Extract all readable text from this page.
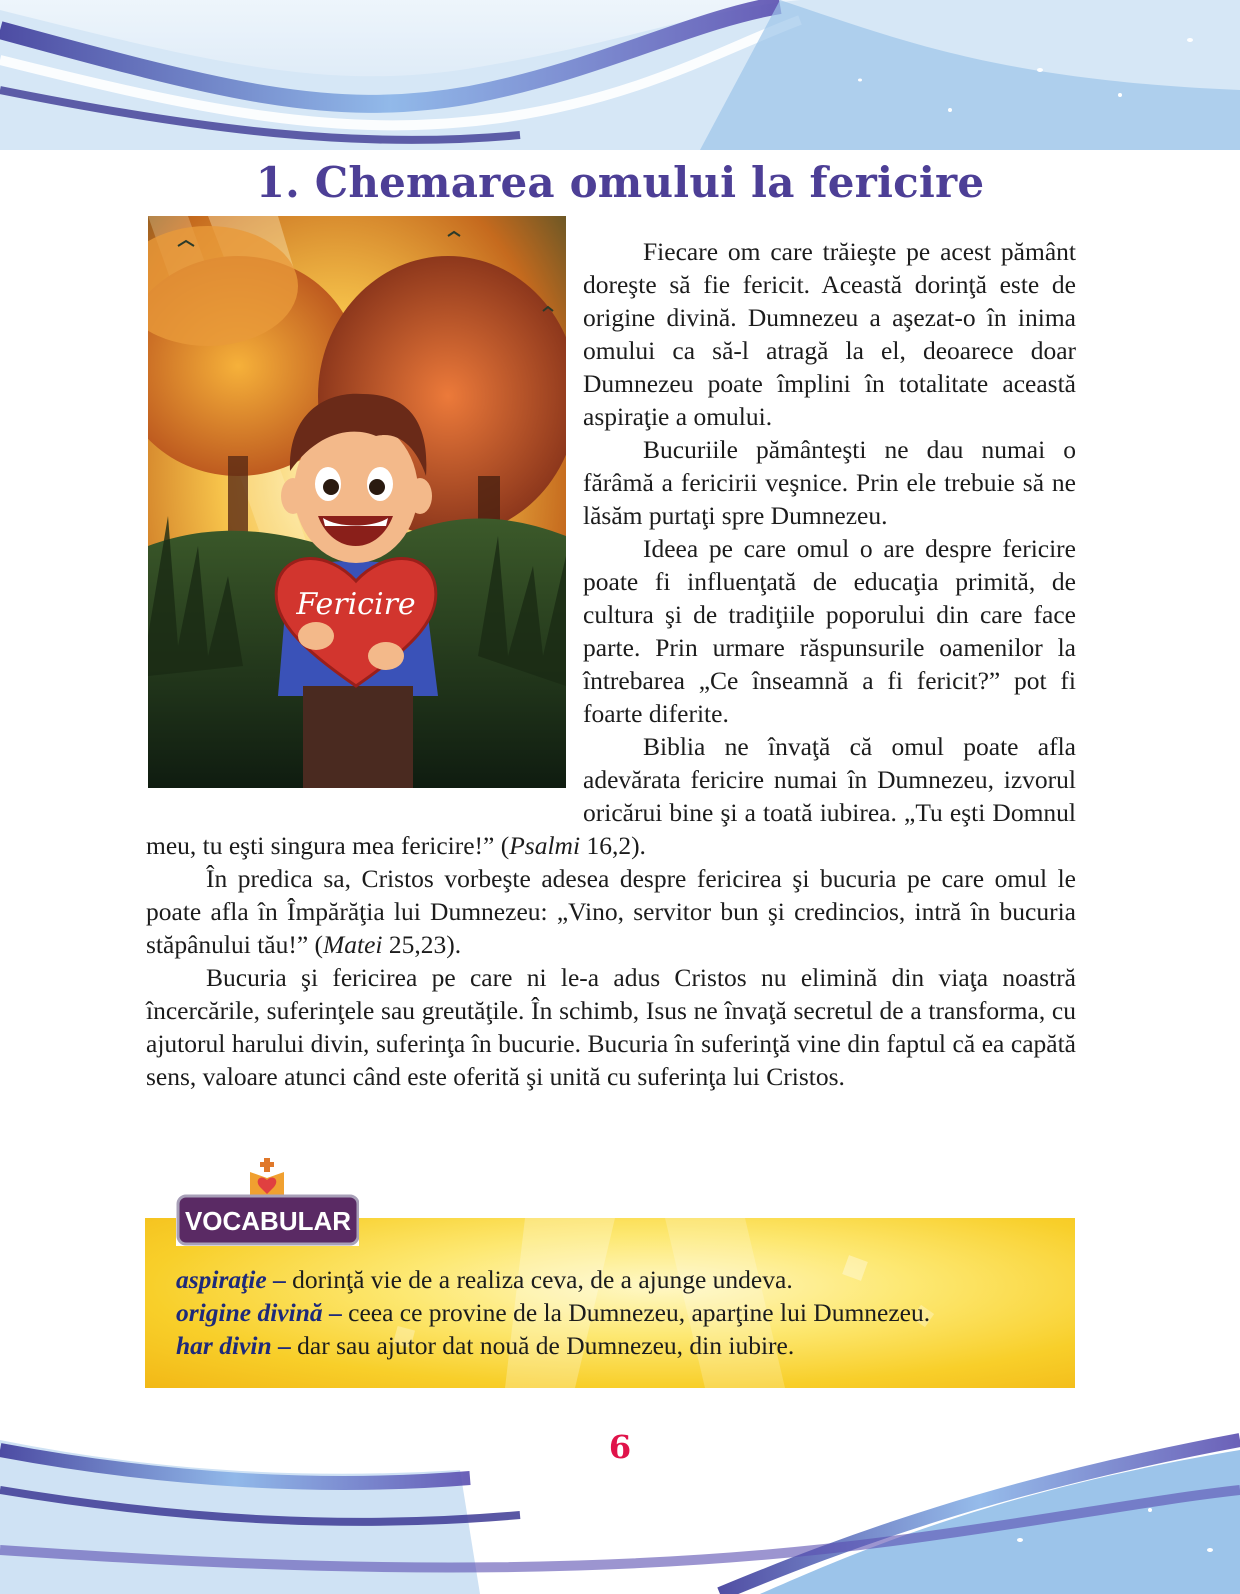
1. Chemarea omului la fericire
Fericire

Fiecare om care trăieşte pe acest pământ doreşte să fie fericit. Această dorinţă este de origine divină. Dumnezeu a aşezat-o în inima omului ca să-l atragă la el, deoarece doar Dumnezeu poate împlini în totalitate această aspiraţie a omului.

Bucuriile pământeşti ne dau numai o fărâmă a fericirii veşnice. Prin ele trebuie să ne lăsăm purtaţi spre Dumnezeu.

Ideea pe care omul o are despre fericire poate fi influenţată de educaţia primită, de cultura şi de tradiţiile poporului din care face parte. Prin urmare răspunsurile oamenilor la întrebarea „Ce înseamnă a fi fericit?” pot fi foarte diferite.

Biblia ne învaţă că omul poate afla adevărata fericire numai în Dumnezeu, izvorul oricărui bine şi a toată iubirea. „Tu eşti Domnul meu, tu eşti singura mea fericire!” (Psalmi 16,2).

În predica sa, Cristos vorbeşte adesea despre fericirea şi bucuria pe care omul le poate afla în Împărăţia lui Dumnezeu: „Vino, servitor bun şi credincios, intră în bucuria stăpânului tău!” (Matei 25,23).

Bucuria şi fericirea pe care ni le-a adus Cristos nu elimină din viaţa noastră încercările, suferinţele sau greutăţile. În schimb, Isus ne învaţă secretul de a transforma, cu ajutorul harului divin, suferinţa în bucurie. Bucuria în suferinţă vine din faptul că ea capătă sens, valoare atunci când este oferită şi unită cu suferinţa lui Cristos.

VOCABULAR
aspiraţie – dorinţă vie de a realiza ceva, de a ajunge undeva.
origine divină – ceea ce provine de la Dumnezeu, aparţine lui Dumnezeu.
har divin – dar sau ajutor dat nouă de Dumnezeu, din iubire.
6
